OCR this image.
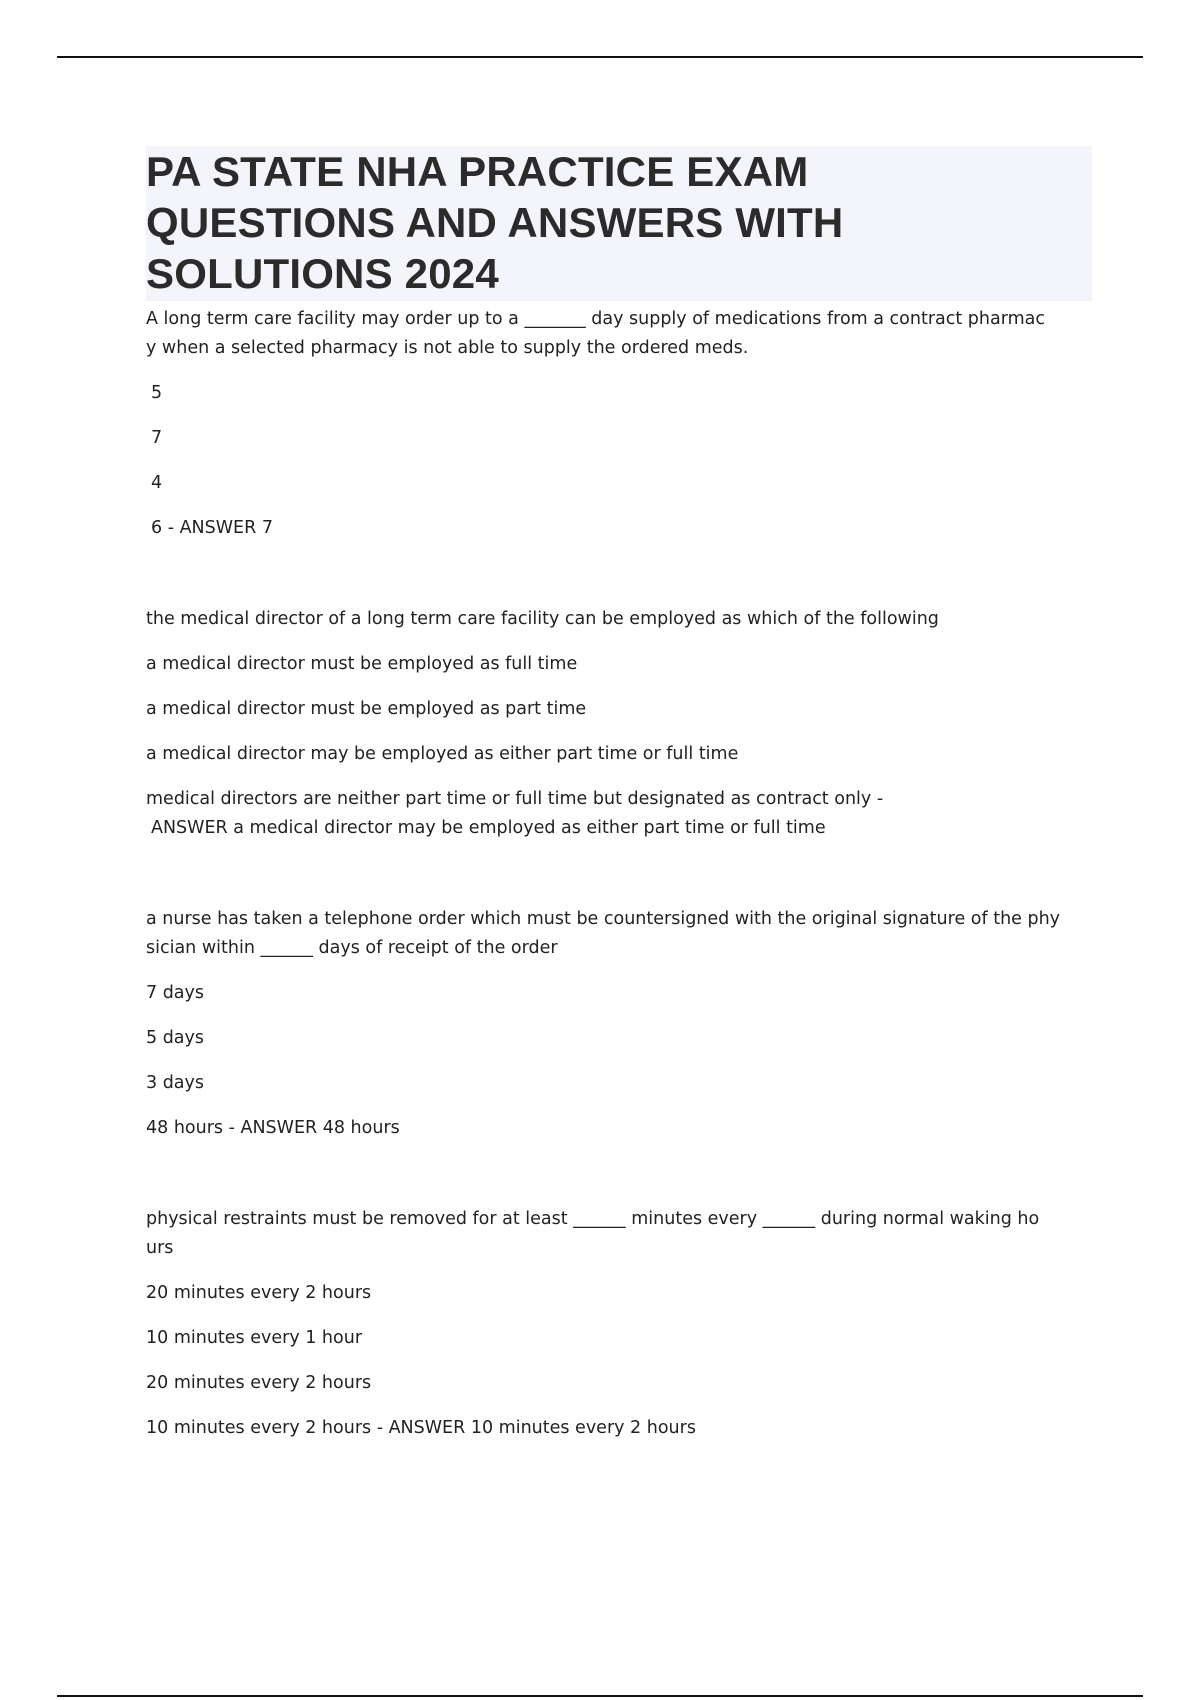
PA STATE NHA PRACTICE EXAM
QUESTIONS AND ANSWERS WITH
SOLUTIONS 2024

A long term care facility may order up to a _______ day supply of medications from a contract pharmac
y when a selected pharmacy is not able to supply the ordered meds.

5
7
4
6 - ANSWER 7

the medical director of a long term care facility can be employed as which of the following

a medical director must be employed as full time
a medical director must be employed as part time
a medical director may be employed as either part time or full time
medical directors are neither part time or full time but designated as contract only -
ANSWER a medical director may be employed as either part time or full time

a nurse has taken a telephone order which must be countersigned with the original signature of the phy
sician within ______ days of receipt of the order

7 days
5 days
3 days
48 hours - ANSWER 48 hours

physical restraints must be removed for at least ______ minutes every ______ during normal waking ho
urs

20 minutes every 2 hours
10 minutes every 1 hour
20 minutes every 2 hours
10 minutes every 2 hours - ANSWER 10 minutes every 2 hours
